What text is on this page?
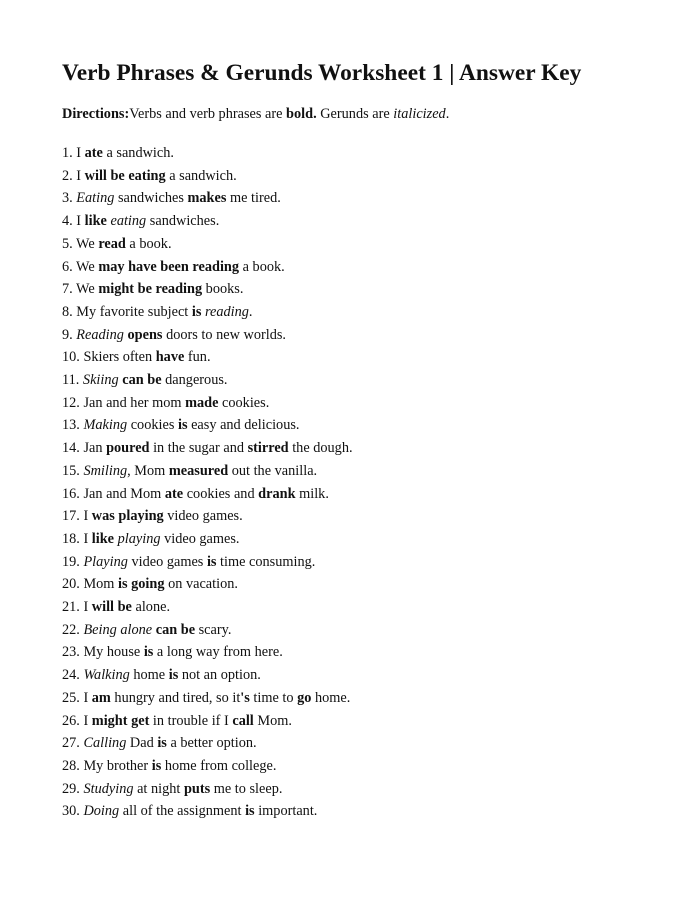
Verb Phrases & Gerunds Worksheet 1 | Answer Key

Directions:Verbs and verb phrases are bold. Gerunds are italicized.

1. I ate a sandwich.
2. I will be eating a sandwich.
3. Eating sandwiches makes me tired.
4. I like eating sandwiches.
5. We read a book.
6. We may have been reading a book.
7. We might be reading books.
8. My favorite subject is reading.
9. Reading opens doors to new worlds.
10. Skiers often have fun.
11. Skiing can be dangerous.
12. Jan and her mom made cookies.
13. Making cookies is easy and delicious.
14. Jan poured in the sugar and stirred the dough.
15. Smiling, Mom measured out the vanilla.
16. Jan and Mom ate cookies and drank milk.
17. I was playing video games.
18. I like playing video games.
19. Playing video games is time consuming.
20. Mom is going on vacation.
21. I will be alone.
22. Being alone can be scary.
23. My house is a long way from here.
24. Walking home is not an option.
25. I am hungry and tired, so it's time to go home.
26. I might get in trouble if I call Mom.
27. Calling Dad is a better option.
28. My brother is home from college.
29. Studying at night puts me to sleep.
30. Doing all of the assignment is important.
